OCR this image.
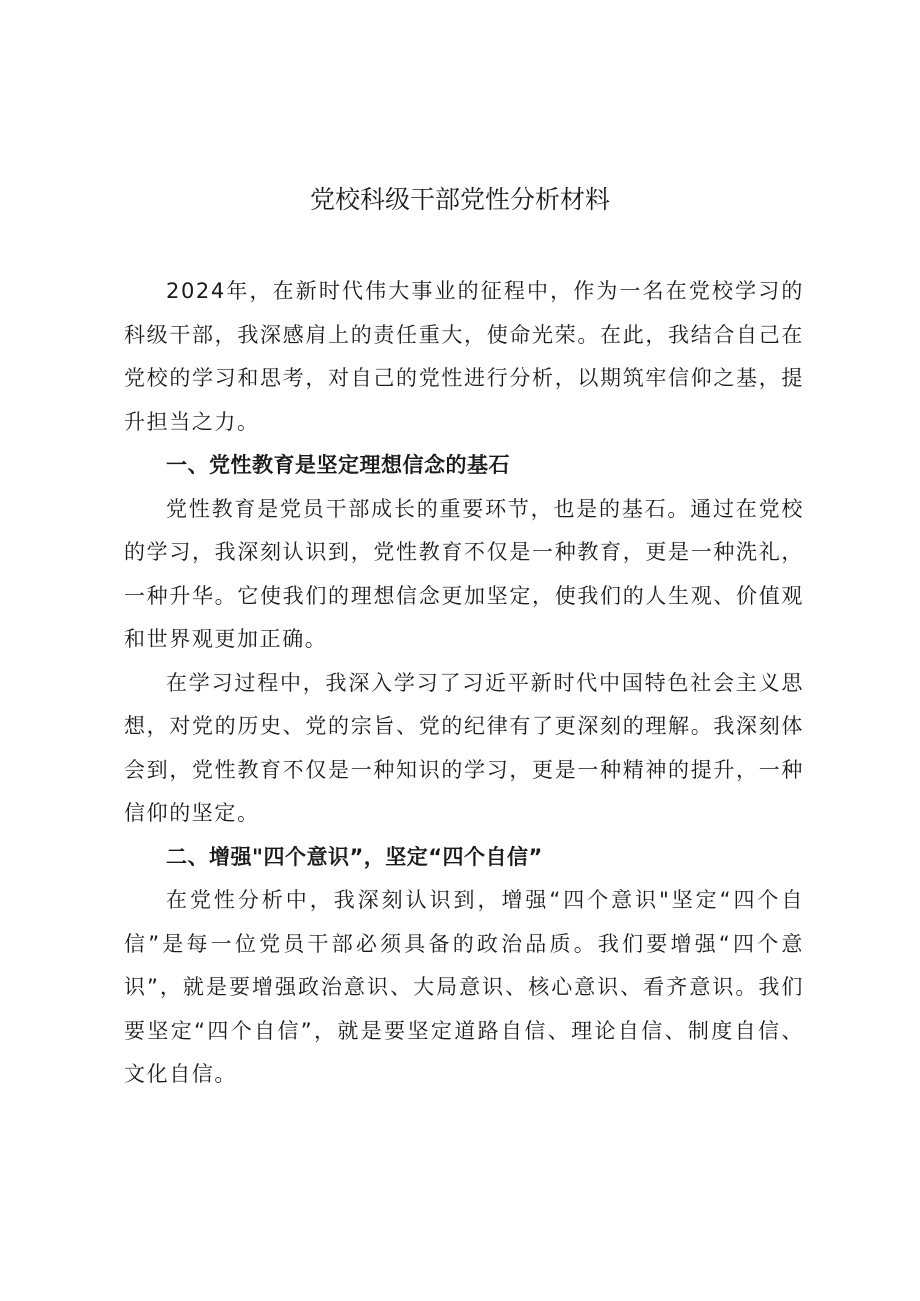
党校科级干部党性分析材料

2024年，在新时代伟大事业的征程中，作为一名在党校学习的科级干部，我深感肩上的责任重大，使命光荣。在此，我结合自己在党校的学习和思考，对自己的党性进行分析，以期筑牢信仰之基，提升担当之力。

一、党性教育是坚定理想信念的基石

党性教育是党员干部成长的重要环节，也是的基石。通过在党校的学习，我深刻认识到，党性教育不仅是一种教育，更是一种洗礼，一种升华。它使我们的理想信念更加坚定，使我们的人生观、价值观和世界观更加正确。

在学习过程中，我深入学习了习近平新时代中国特色社会主义思想，对党的历史、党的宗旨、党的纪律有了更深刻的理解。我深刻体会到，党性教育不仅是一种知识的学习，更是一种精神的提升，一种信仰的坚定。

二、增强"四个意识”，坚定“四个自信”

在党性分析中，我深刻认识到，增强“四个意识"坚定“四个自信”是每一位党员干部必须具备的政治品质。我们要增强“四个意识”，就是要增强政治意识、大局意识、核心意识、看齐意识。我们要坚定“四个自信”，就是要坚定道路自信、理论自信、制度自信、文化自信。
